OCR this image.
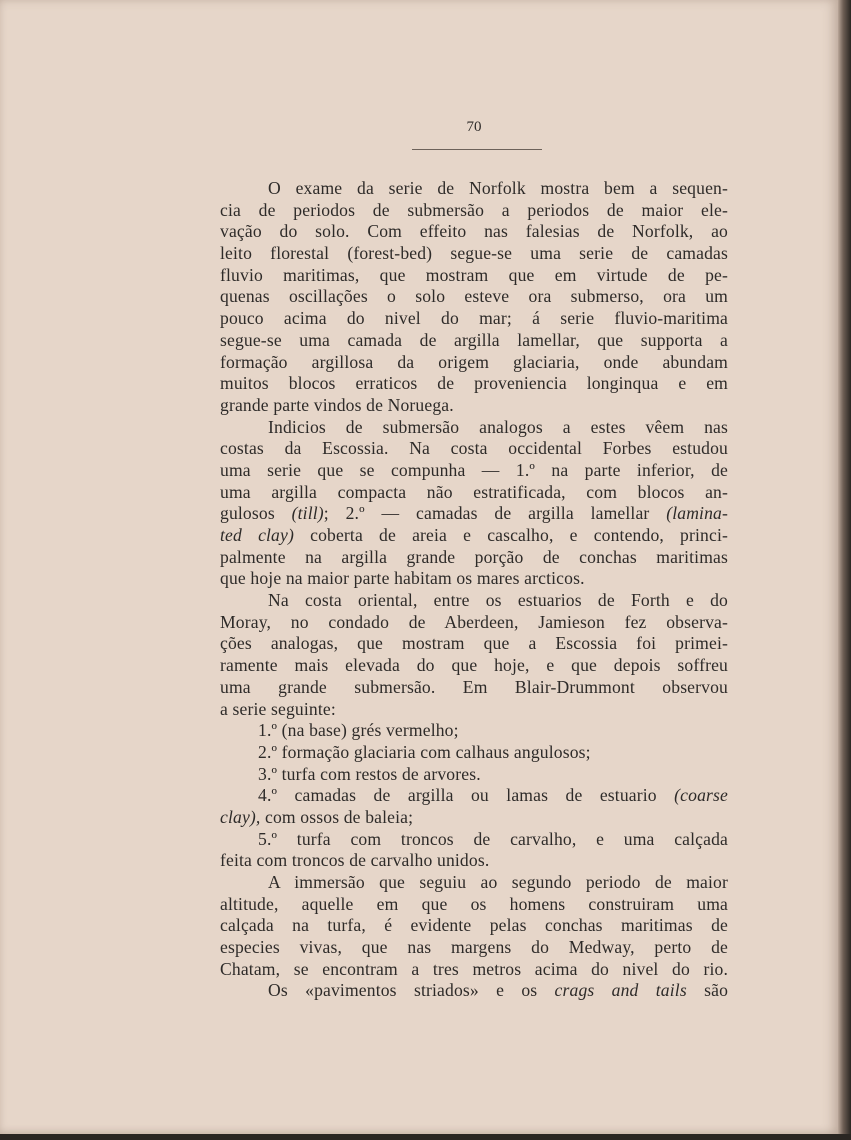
70
O exame da serie de Norfolk mostra bem a sequen-
cia de periodos de submersão a periodos de maior ele-
vação do solo. Com effeito nas falesias de Norfolk, ao
leito florestal (forest-bed) segue-se uma serie de camadas
fluvio maritimas, que mostram que em virtude de pe-
quenas oscillações o solo esteve ora submerso, ora um
pouco acima do nivel do mar; á serie fluvio-maritima
segue-se uma camada de argilla lamellar, que supporta a
formação argillosa da origem glaciaria, onde abundam
muitos blocos erraticos de proveniencia longinqua e em
grande parte vindos de Noruega.
Indicios de submersão analogos a estes vêem nas
costas da Escossia. Na costa occidental Forbes estudou
uma serie que se compunha — 1.º na parte inferior, de
uma argilla compacta não estratificada, com blocos an-
gulosos (till); 2.º — camadas de argilla lamellar (lamina-
ted clay) coberta de areia e cascalho, e contendo, princi-
palmente na argilla grande porção de conchas maritimas
que hoje na maior parte habitam os mares arcticos.
Na costa oriental, entre os estuarios de Forth e do
Moray, no condado de Aberdeen, Jamieson fez observa-
ções analogas, que mostram que a Escossia foi primei-
ramente mais elevada do que hoje, e que depois soffreu
uma grande submersão. Em Blair-Drummont observou
a serie seguinte:
1.º (na base) grés vermelho;
2.º formação glaciaria com calhaus angulosos;
3.º turfa com restos de arvores.
4.º camadas de argilla ou lamas de estuario (coarse
clay), com ossos de baleia;
5.º turfa com troncos de carvalho, e uma calçada
feita com troncos de carvalho unidos.
A immersão que seguiu ao segundo periodo de maior
altitude, aquelle em que os homens construiram uma
calçada na turfa, é evidente pelas conchas maritimas de
especies vivas, que nas margens do Medway, perto de
Chatam, se encontram a tres metros acima do nivel do rio.
Os «pavimentos striados» e os crags and tails são
